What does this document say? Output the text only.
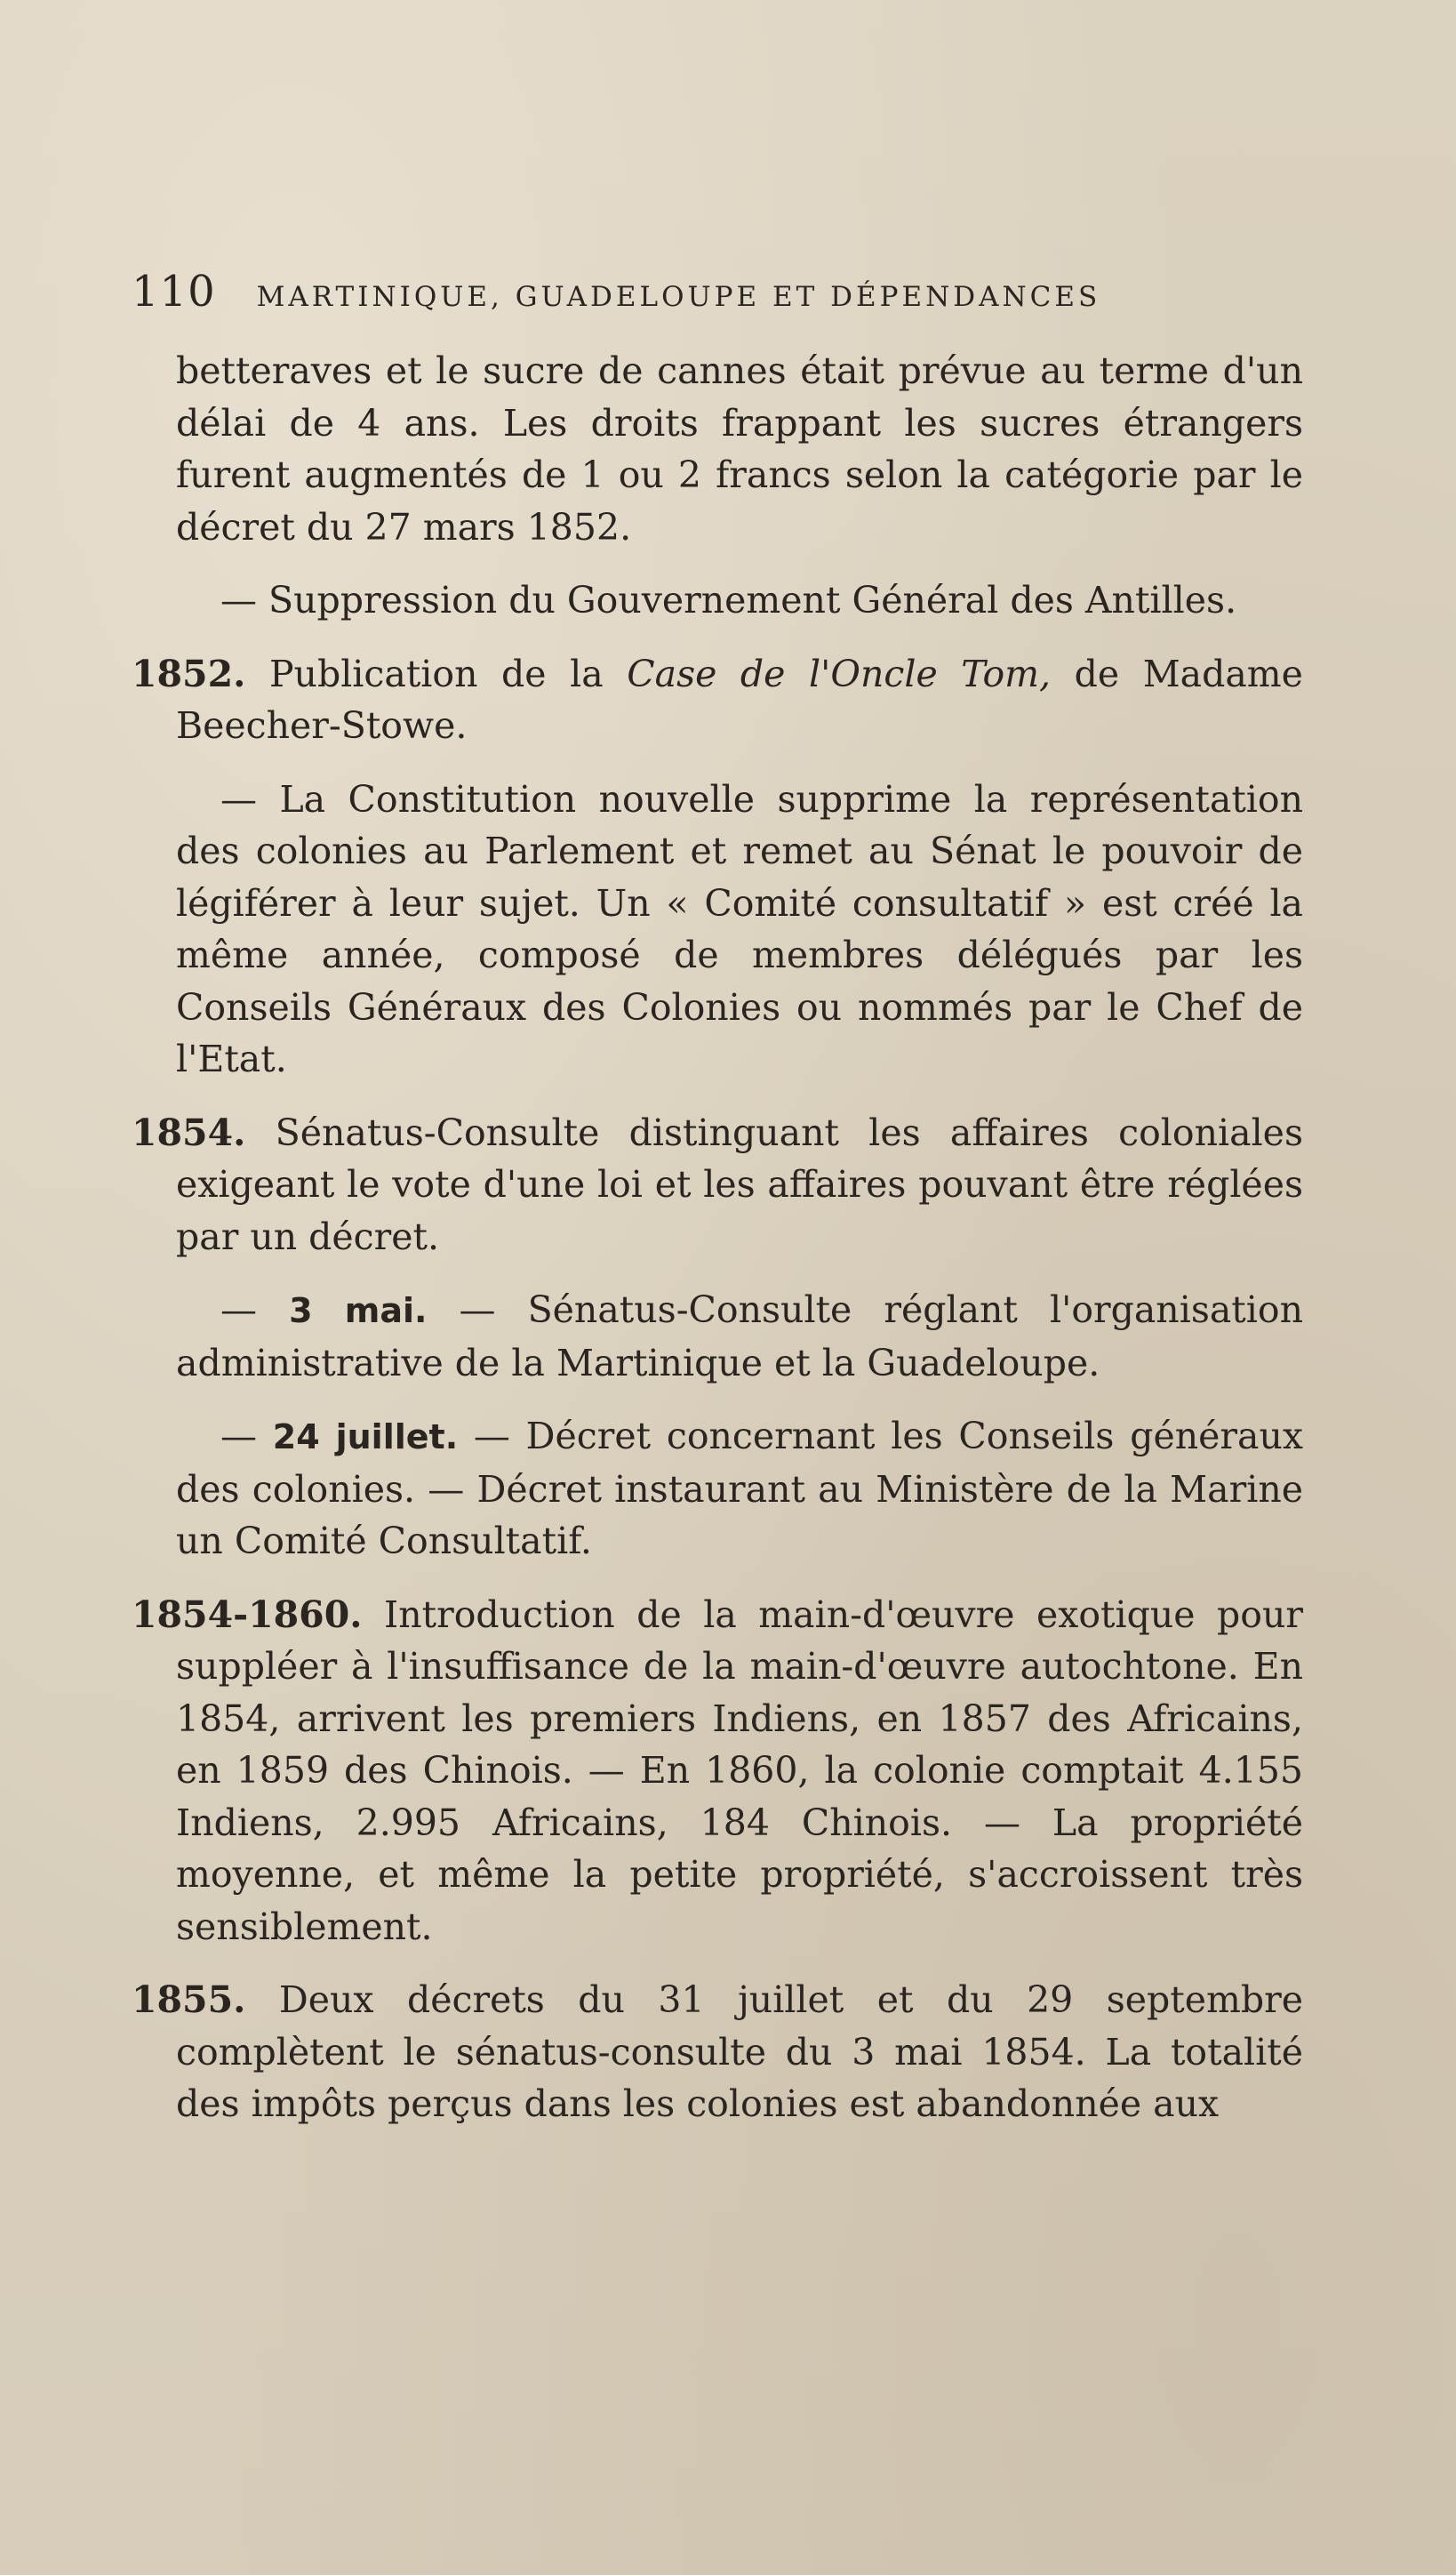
110 MARTINIQUE, GUADELOUPE ET DÉPENDANCES

betteraves et le sucre de cannes était prévue au terme d'un délai de 4 ans. Les droits frappant les sucres étrangers furent augmentés de 1 ou 2 francs selon la catégorie par le décret du 27 mars 1852.

— Suppression du Gouvernement Général des Antilles.

1852. Publication de la Case de l'Oncle Tom, de Madame Beecher-Stowe.

— La Constitution nouvelle supprime la représentation des colonies au Parlement et remet au Sénat le pouvoir de légiférer à leur sujet. Un « Comité consultatif » est créé la même année, composé de membres délégués par les Conseils Généraux des Colonies ou nommés par le Chef de l'Etat.

1854. Sénatus-Consulte distinguant les affaires coloniales exigeant le vote d'une loi et les affaires pouvant être réglées par un décret.

— 3 mai. — Sénatus-Consulte réglant l'organisation administrative de la Martinique et la Guadeloupe.

— 24 juillet. — Décret concernant les Conseils généraux des colonies. — Décret instaurant au Ministère de la Marine un Comité Consultatif.

1854-1860. Introduction de la main-d'œuvre exotique pour suppléer à l'insuffisance de la main-d'œuvre autochtone. En 1854, arrivent les premiers Indiens, en 1857 des Africains, en 1859 des Chinois. — En 1860, la colonie comptait 4.155 Indiens, 2.995 Africains, 184 Chinois. — La propriété moyenne, et même la petite propriété, s'accroissent très sensiblement.

1855. Deux décrets du 31 juillet et du 29 septembre complètent le sénatus-consulte du 3 mai 1854. La totalité des impôts perçus dans les colonies est abandonnée aux
